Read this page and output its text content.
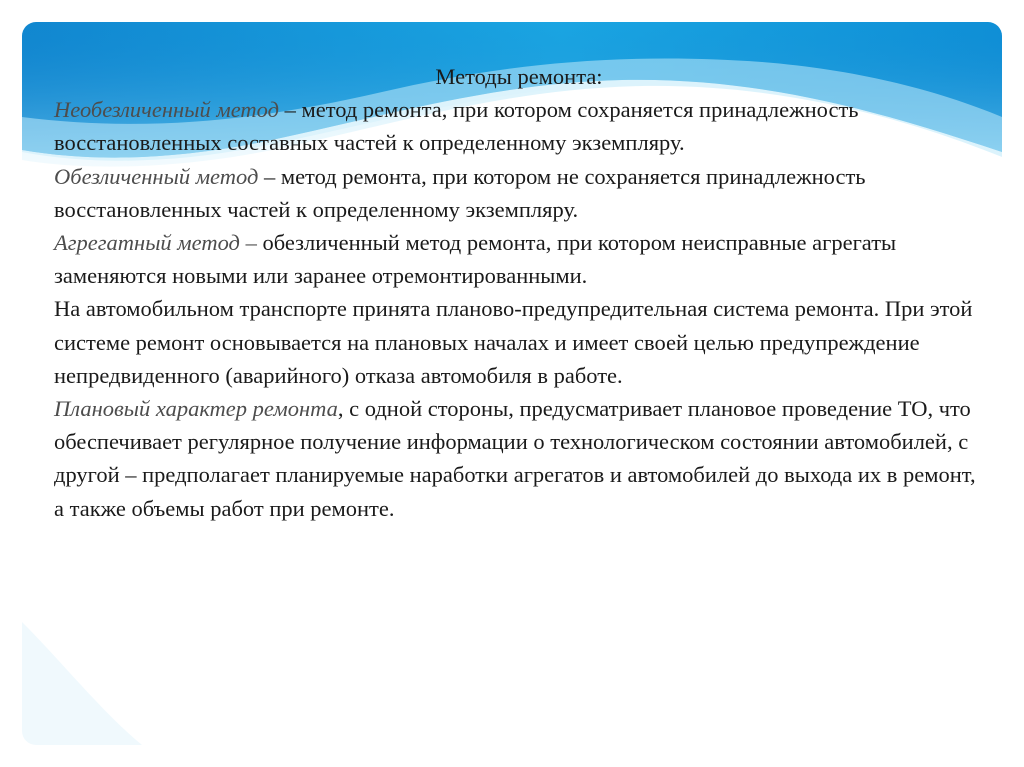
Методы ремонта:

Необезличенный метод – метод ремонта, при котором сохраняется принадлежность восстановленных составных частей к определенному экземпляру.

Обезличенный метод – метод ремонта, при котором не сохраняется принадлежность восстановленных частей к определенному экземпляру.

Агрегатный метод – обезличенный метод ремонта, при котором неисправные агрегаты заменяются новыми или заранее отремонтированными.

На автомобильном транспорте принята планово-предупредительная система ремонта. При этой системе ремонт основывается на плановых началах и имеет своей целью предупреждение непредвиденного (аварийного) отказа автомобиля в работе.

Плановый характер ремонта, с одной стороны, предусматривает плановое проведение ТО, что обеспечивает регулярное получение информации о технологическом состоянии автомобилей, с другой – предполагает планируемые наработки агрегатов и автомобилей до выхода их в ремонт, а также объемы работ при ремонте.
